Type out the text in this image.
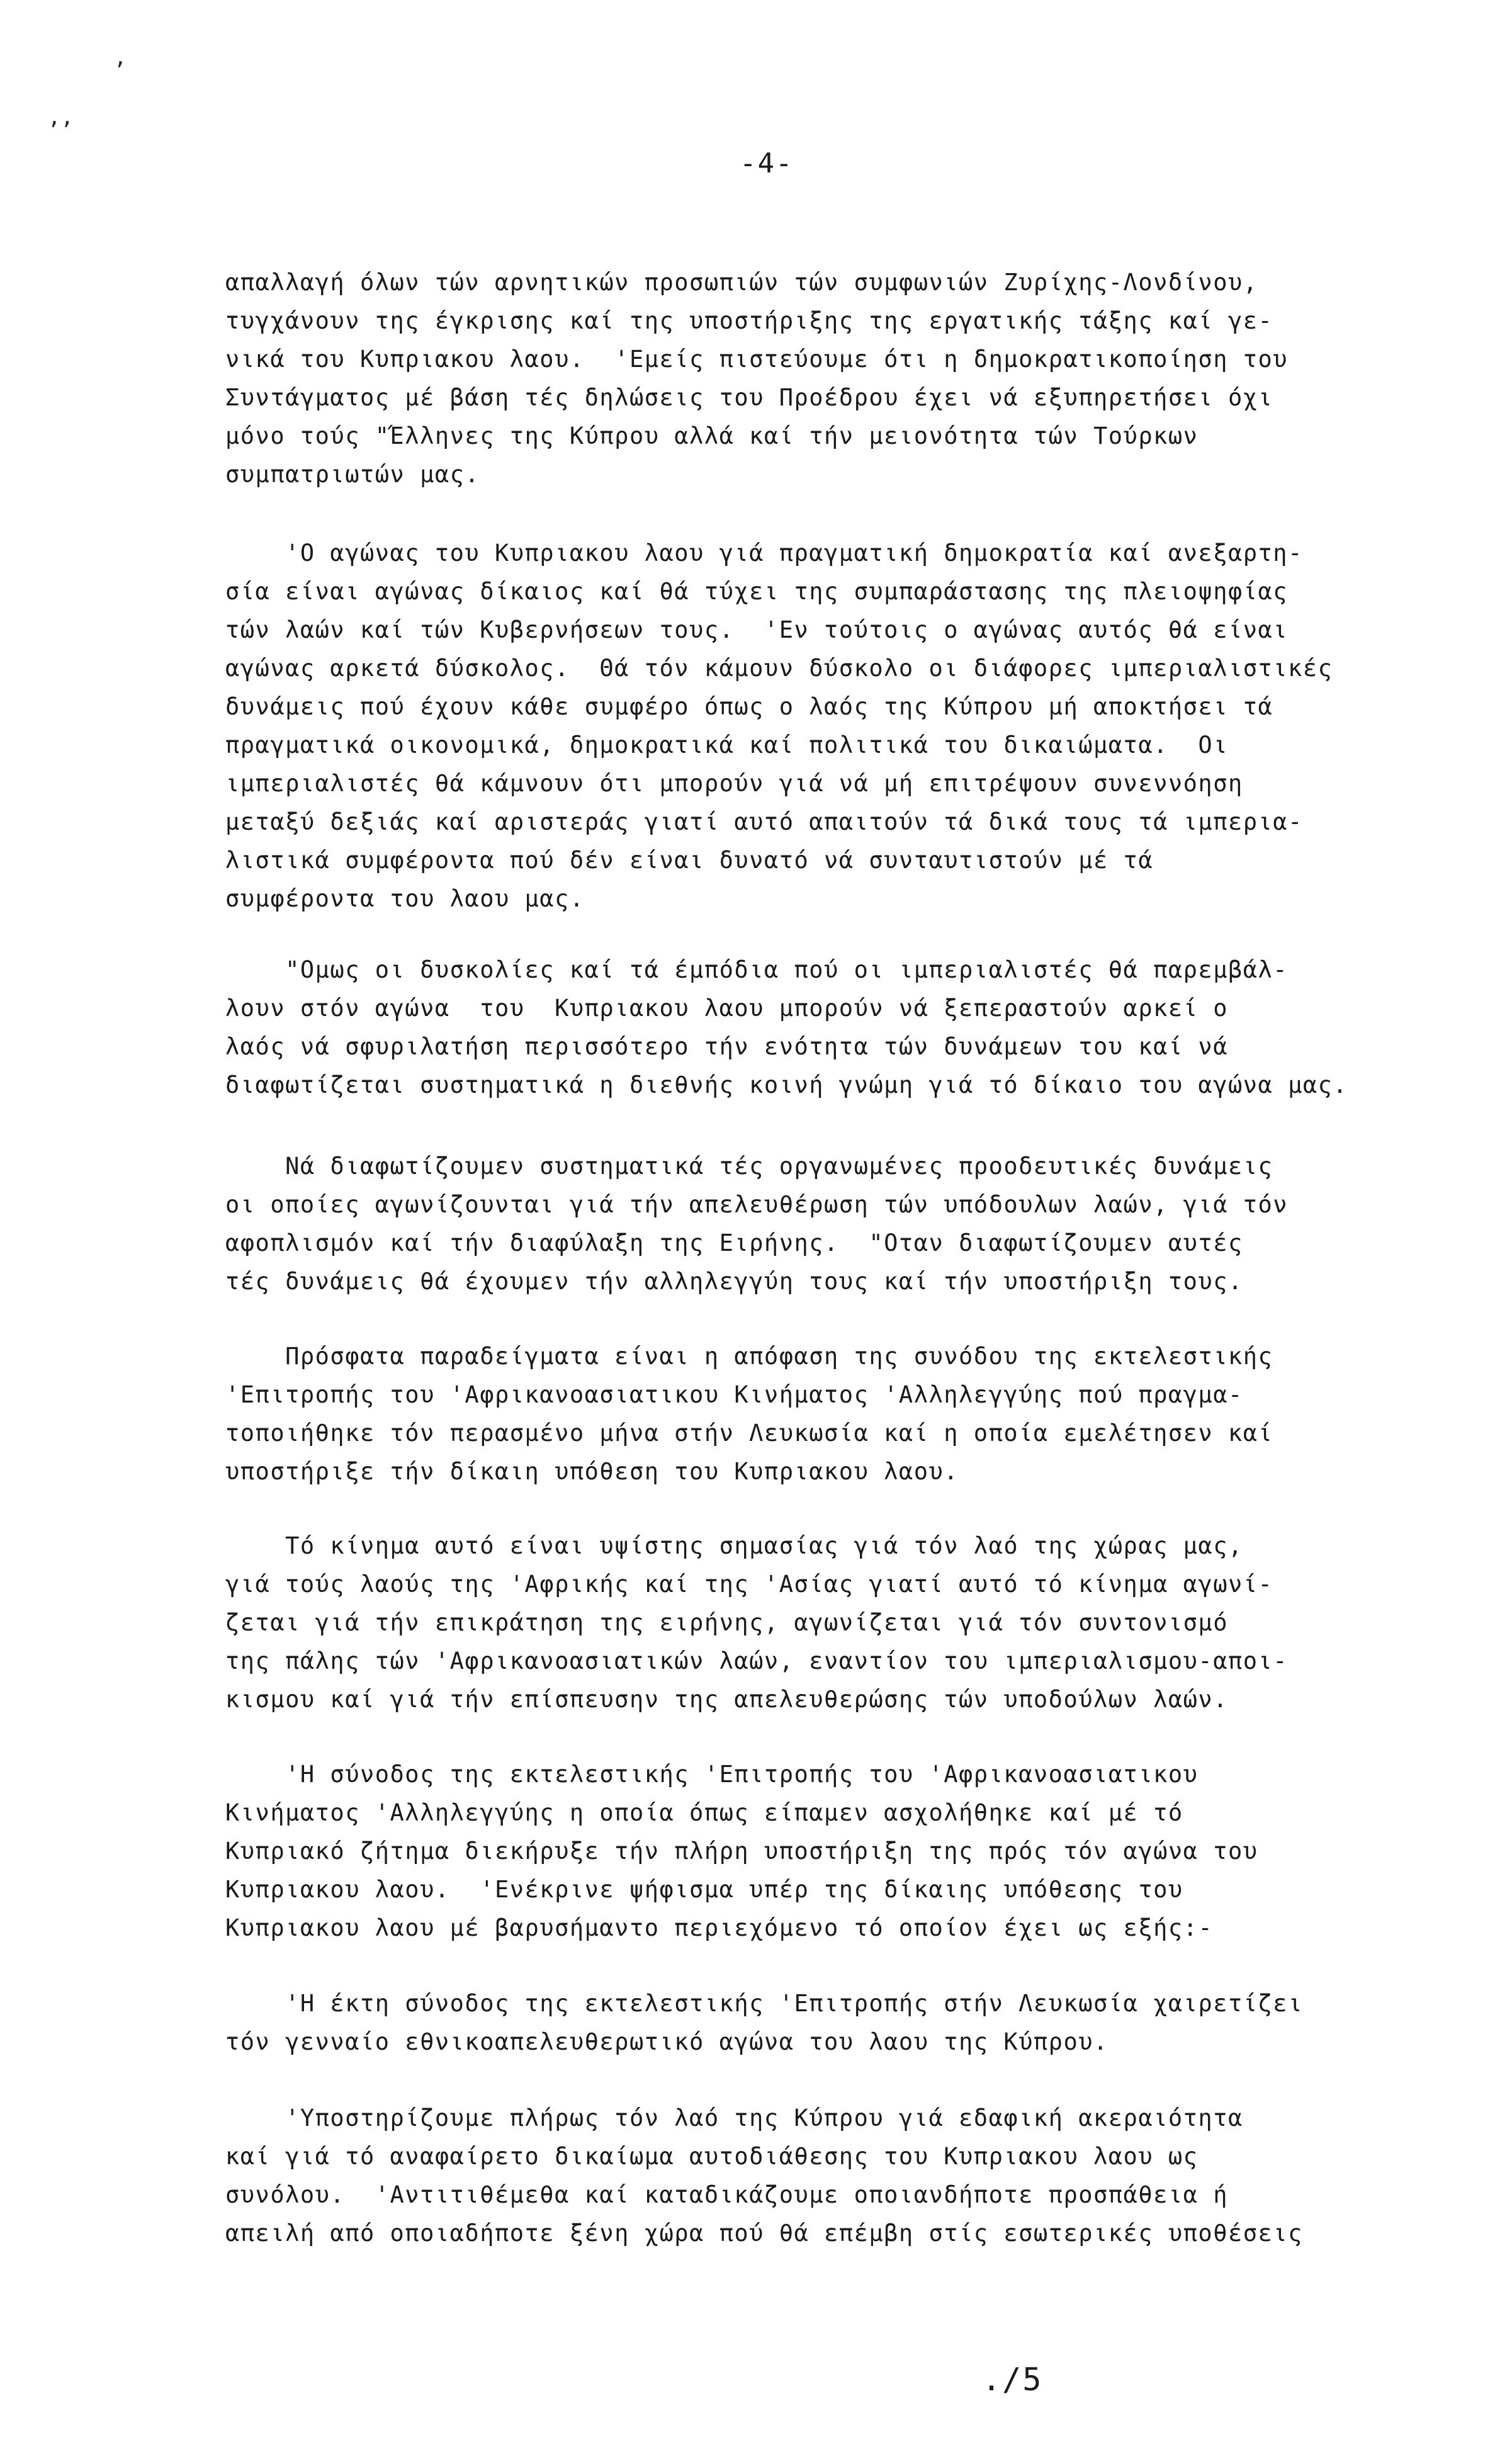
ʼ
ʼʼ
-4-
απαλλαγή όλων τών αρνητικών προσωπιών τών συμφωνιών Ζυρίχης-Λονδίνου,
τυγχάνουν της έγκρισης καί της υποστήριξης της εργατικής τάξης καί γε-
νικά του Κυπριακου λαου.  'Εμείς πιστεύουμε ότι η δημοκρατικοποίηση του
Συντάγματος μέ βάση τές δηλώσεις του Προέδρου έχει νά εξυπηρετήσει όχι
μόνο τούς "Έλληνες της Κύπρου αλλά καί τήν μειονότητα τών Τούρκων
συμπατριωτών μας.
'Ο αγώνας του Κυπριακου λαου γιά πραγματική δημοκρατία καί ανεξαρτη-
σία είναι αγώνας δίκαιος καί θά τύχει της συμπαράστασης της πλειοψηφίας
τών λαών καί τών Κυβερνήσεων τους.  'Εν τούτοις ο αγώνας αυτός θά είναι
αγώνας αρκετά δύσκολος.  Θά τόν κάμουν δύσκολο οι διάφορες ιμπεριαλιστικές
δυνάμεις πού έχουν κάθε συμφέρο όπως ο λαός της Κύπρου μή αποκτήσει τά
πραγματικά οικονομικά, δημοκρατικά καί πολιτικά του δικαιώματα.  Οι
ιμπεριαλιστές θά κάμνουν ότι μπορούν γιά νά μή επιτρέψουν συνεννόηση
μεταξύ δεξιάς καί αριστεράς γιατί αυτό απαιτούν τά δικά τους τά ιμπερια-
λιστικά συμφέροντα πού δέν είναι δυνατό νά συνταυτιστούν μέ τά
συμφέροντα του λαου μας.
"Ομως οι δυσκολίες καί τά έμπόδια πού οι ιμπεριαλιστές θά παρεμβάλ-
λουν στόν αγώνα  του  Κυπριακου λαου μπορούν νά ξεπεραστούν αρκεί ο
λαός νά σφυριλατήση περισσότερο τήν ενότητα τών δυνάμεων του καί νά
διαφωτίζεται συστηματικά η διεθνής κοινή γνώμη γιά τό δίκαιο του αγώνα μας.
Νά διαφωτίζουμεν συστηματικά τές οργανωμένες προοδευτικές δυνάμεις
οι οποίες αγωνίζουνται γιά τήν απελευθέρωση τών υπόδουλων λαών, γιά τόν
αφοπλισμόν καί τήν διαφύλαξη της Ειρήνης.  "Οταν διαφωτίζουμεν αυτές
τές δυνάμεις θά έχουμεν τήν αλληλεγγύη τους καί τήν υποστήριξη τους.
Πρόσφατα παραδείγματα είναι η απόφαση της συνόδου της εκτελεστικής
'Επιτροπής του 'Αφρικανοασιατικου Κινήματος 'Αλληλεγγύης πού πραγμα-
τοποιήθηκε τόν περασμένο μήνα στήν Λευκωσία καί η οποία εμελέτησεν καί
υποστήριξε τήν δίκαιη υπόθεση του Κυπριακου λαου.
Τό κίνημα αυτό είναι υψίστης σημασίας γιά τόν λαό της χώρας μας,
γιά τούς λαούς της 'Αφρικής καί της 'Ασίας γιατί αυτό τό κίνημα αγωνί-
ζεται γιά τήν επικράτηση της ειρήνης, αγωνίζεται γιά τόν συντονισμό
της πάλης τών 'Αφρικανοασιατικών λαών, εναντίον του ιμπεριαλισμου-αποι-
κισμου καί γιά τήν επίσπευσην της απελευθερώσης τών υποδούλων λαών.
'Η σύνοδος της εκτελεστικής 'Επιτροπής του 'Αφρικανοασιατικου
Κινήματος 'Αλληλεγγύης η οποία όπως είπαμεν ασχολήθηκε καί μέ τό
Κυπριακό ζήτημα διεκήρυξε τήν πλήρη υποστήριξη της πρός τόν αγώνα του
Κυπριακου λαου.  'Ενέκρινε ψήφισμα υπέρ της δίκαιης υπόθεσης του
Κυπριακου λαου μέ βαρυσήμαντο περιεχόμενο τό οποίον έχει ως εξής:-
'Η έκτη σύνοδος της εκτελεστικής 'Επιτροπής στήν Λευκωσία χαιρετίζει
τόν γενναίο εθνικοαπελευθερωτικό αγώνα του λαου της Κύπρου.
'Υποστηρίζουμε πλήρως τόν λαό της Κύπρου γιά εδαφική ακεραιότητα
καί γιά τό αναφαίρετο δικαίωμα αυτοδιάθεσης του Κυπριακου λαου ως
συνόλου.  'Αντιτιθέμεθα καί καταδικάζουμε οποιανδήποτε προσπάθεια ή
απειλή από οποιαδήποτε ξένη χώρα πού θά επέμβη στίς εσωτερικές υποθέσεις
./5
